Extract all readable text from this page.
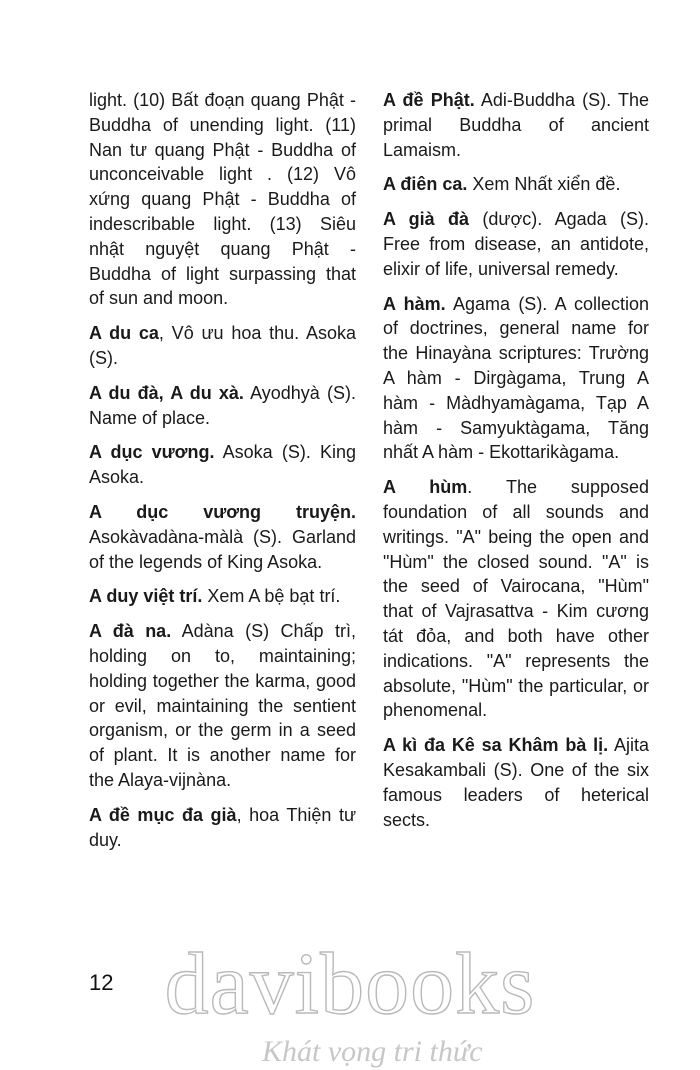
light. (10) Bất đoạn quang Phật - Buddha of unending light. (11) Nan tư quang Phật - Buddha of unconceivable light . (12) Vô xứng quang Phật - Buddha of indescribable light. (13) Siêu nhật nguyệt quang Phật - Buddha of light surpassing that of sun and moon.

A du ca, Vô ưu hoa thu. Asoka (S).

A du đà, A du xà. Ayodhyà (S). Name of place.

A dục vương. Asoka (S). King Asoka.

A dục vương truyện. Asokàvadàna-màlà (S). Garland of the legends of King Asoka.

A duy việt trí. Xem A bệ bạt trí.

A đà na. Adàna (S) Chấp trì, holding on to, maintaining; holding together the karma, good or evil, maintaining the sentient organism, or the germ in a seed of plant. It is another name for the Alaya-vijnàna.

A đề mục đa già, hoa Thiện tư duy.

A đề Phật. Adi-Buddha (S). The primal Buddha of ancient Lamaism.

A điên ca. Xem Nhất xiển đề.

A già đà (dược). Agada (S). Free from disease, an antidote, elixir of life, universal remedy.

A hàm. Agama (S). A collection of doctrines, general name for the Hinayàna scriptures: Trường A hàm - Dirgàgama, Trung A hàm - Màdhyamàgama, Tạp A hàm - Samyuktàgama, Tăng nhất A hàm - Ekottarikàgama.

A hùm. The supposed foundation of all sounds and writings. "A" being the open and "Hùm" the closed sound. "A" is the seed of Vairocana, "Hùm" that of Vajrasattva - Kim cương tát đỏa, and both have other indications. "A" represents the absolute, "Hùm" the particular, or phenomenal.

A kì đa Kê sa Khâm bà lị. Ajita Kesakambali (S). One of the six famous leaders of heterical sects.

12 davibooks
Khát vọng tri thức
